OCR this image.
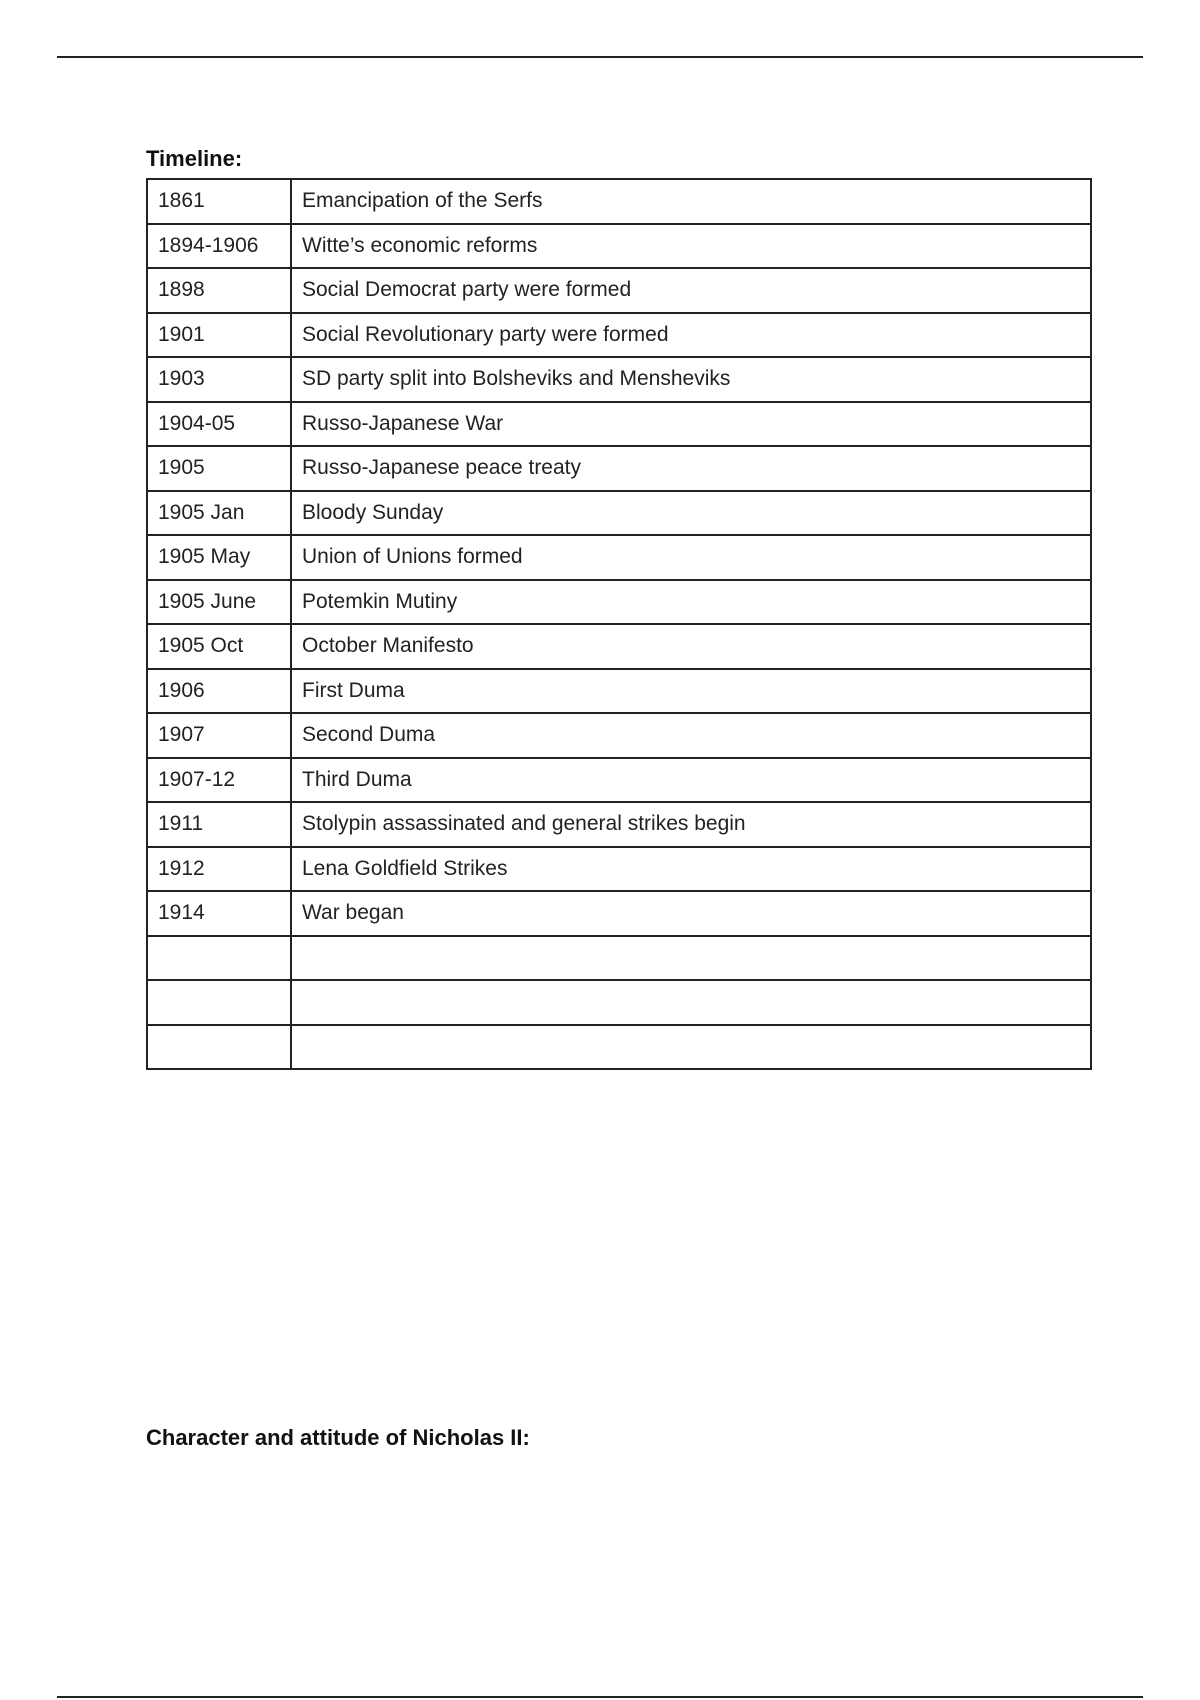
Timeline:
1861	Emancipation of the Serfs
1894-1906	Witte’s economic reforms
1898	Social Democrat party were formed
1901	Social Revolutionary party were formed
1903	SD party split into Bolsheviks and Mensheviks
1904-05	Russo-Japanese War
1905	Russo-Japanese peace treaty
1905 Jan	Bloody Sunday
1905 May	Union of Unions formed
1905 June	Potemkin Mutiny
1905 Oct	October Manifesto
1906	First Duma
1907	Second Duma
1907-12	Third Duma
1911	Stolypin assassinated and general strikes begin
1912	Lena Goldfield Strikes
1914	War began

Character and attitude of Nicholas II:
